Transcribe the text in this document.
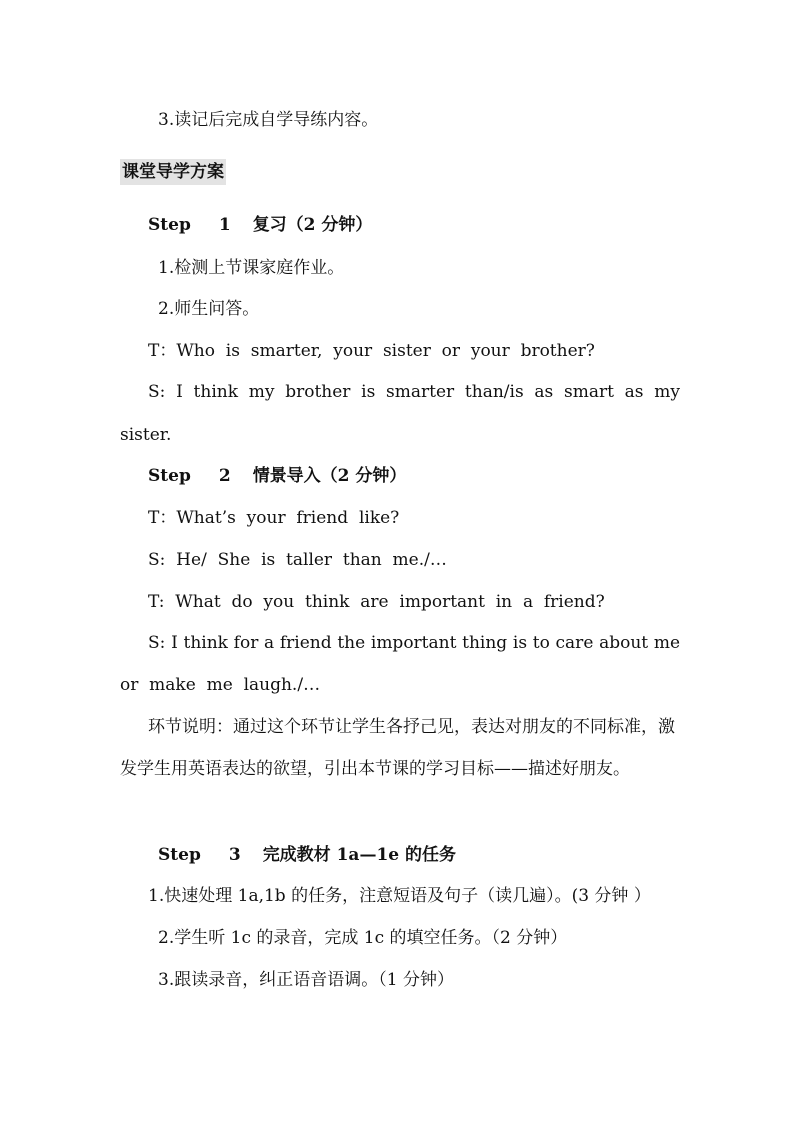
3.读记后完成自学导练内容。
课堂导学方案
Step 1 复习（2 分钟）
1.检测上节课家庭作业。
2.师生问答。
T：Who  is  smarter,  your  sister  or  your  brother?
S: I think my brother is smarter than/is as smart as my
sister.
Step 2 情景导入（2 分钟）
T：What’s  your  friend  like?
S:  He/  She  is  taller  than  me./…
T:  What  do  you  think  are  important  in  a  friend?
S: I think for a friend the important thing is to care about me
or  make  me  laugh./…
环节说明：通过这个环节让学生各抒己见，表达对朋友的不同标准，激发学生用英语表达的欲望，引出本节课的学习目标——描述好朋友。
Step 3 完成教材 1a—1e 的任务
1.快速处理 1a,1b 的任务，注意短语及句子（读几遍）。(3 分钟 ）
2.学生听 1c 的录音，完成 1c 的填空任务。（2 分钟）
3.跟读录音，纠正语音语调。（1 分钟）
